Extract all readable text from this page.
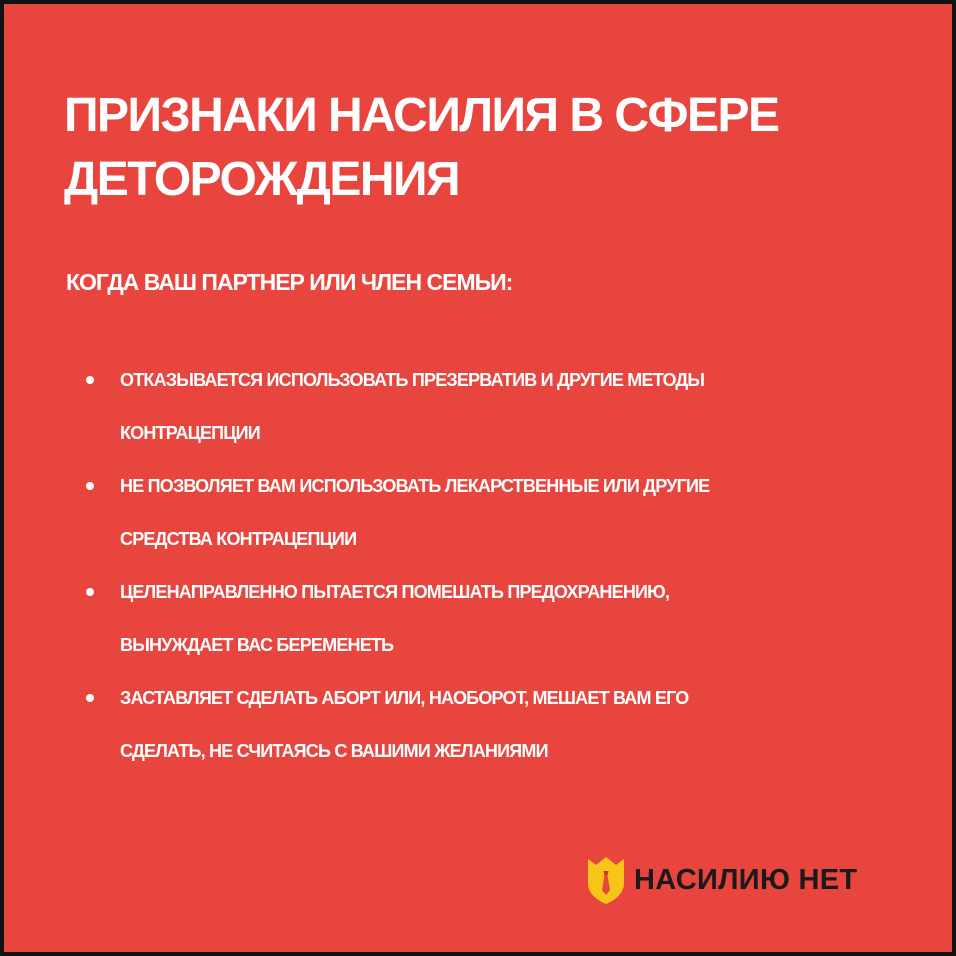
ПРИЗНАКИ НАСИЛИЯ В СФЕРЕ
ДЕТОРОЖДЕНИЯ

КОГДА ВАШ ПАРТНЕР ИЛИ ЧЛЕН СЕМЬИ:

ОТКАЗЫВАЕТСЯ ИСПОЛЬЗОВАТЬ ПРЕЗЕРВАТИВ И ДРУГИЕ МЕТОДЫ
КОНТРАЦЕПЦИИ
НЕ ПОЗВОЛЯЕТ ВАМ ИСПОЛЬЗОВАТЬ ЛЕКАРСТВЕННЫЕ ИЛИ ДРУГИЕ
СРЕДСТВА КОНТРАЦЕПЦИИ
ЦЕЛЕНАПРАВЛЕННО ПЫТАЕТСЯ ПОМЕШАТЬ ПРЕДОХРАНЕНИЮ,
ВЫНУЖДАЕТ ВАС БЕРЕМЕНЕТЬ
ЗАСТАВЛЯЕТ СДЕЛАТЬ АБОРТ ИЛИ, НАОБОРОТ, МЕШАЕТ ВАМ ЕГО
СДЕЛАТЬ, НЕ СЧИТАЯСЬ С ВАШИМИ ЖЕЛАНИЯМИ
НАСИЛИЮ НЕТ
